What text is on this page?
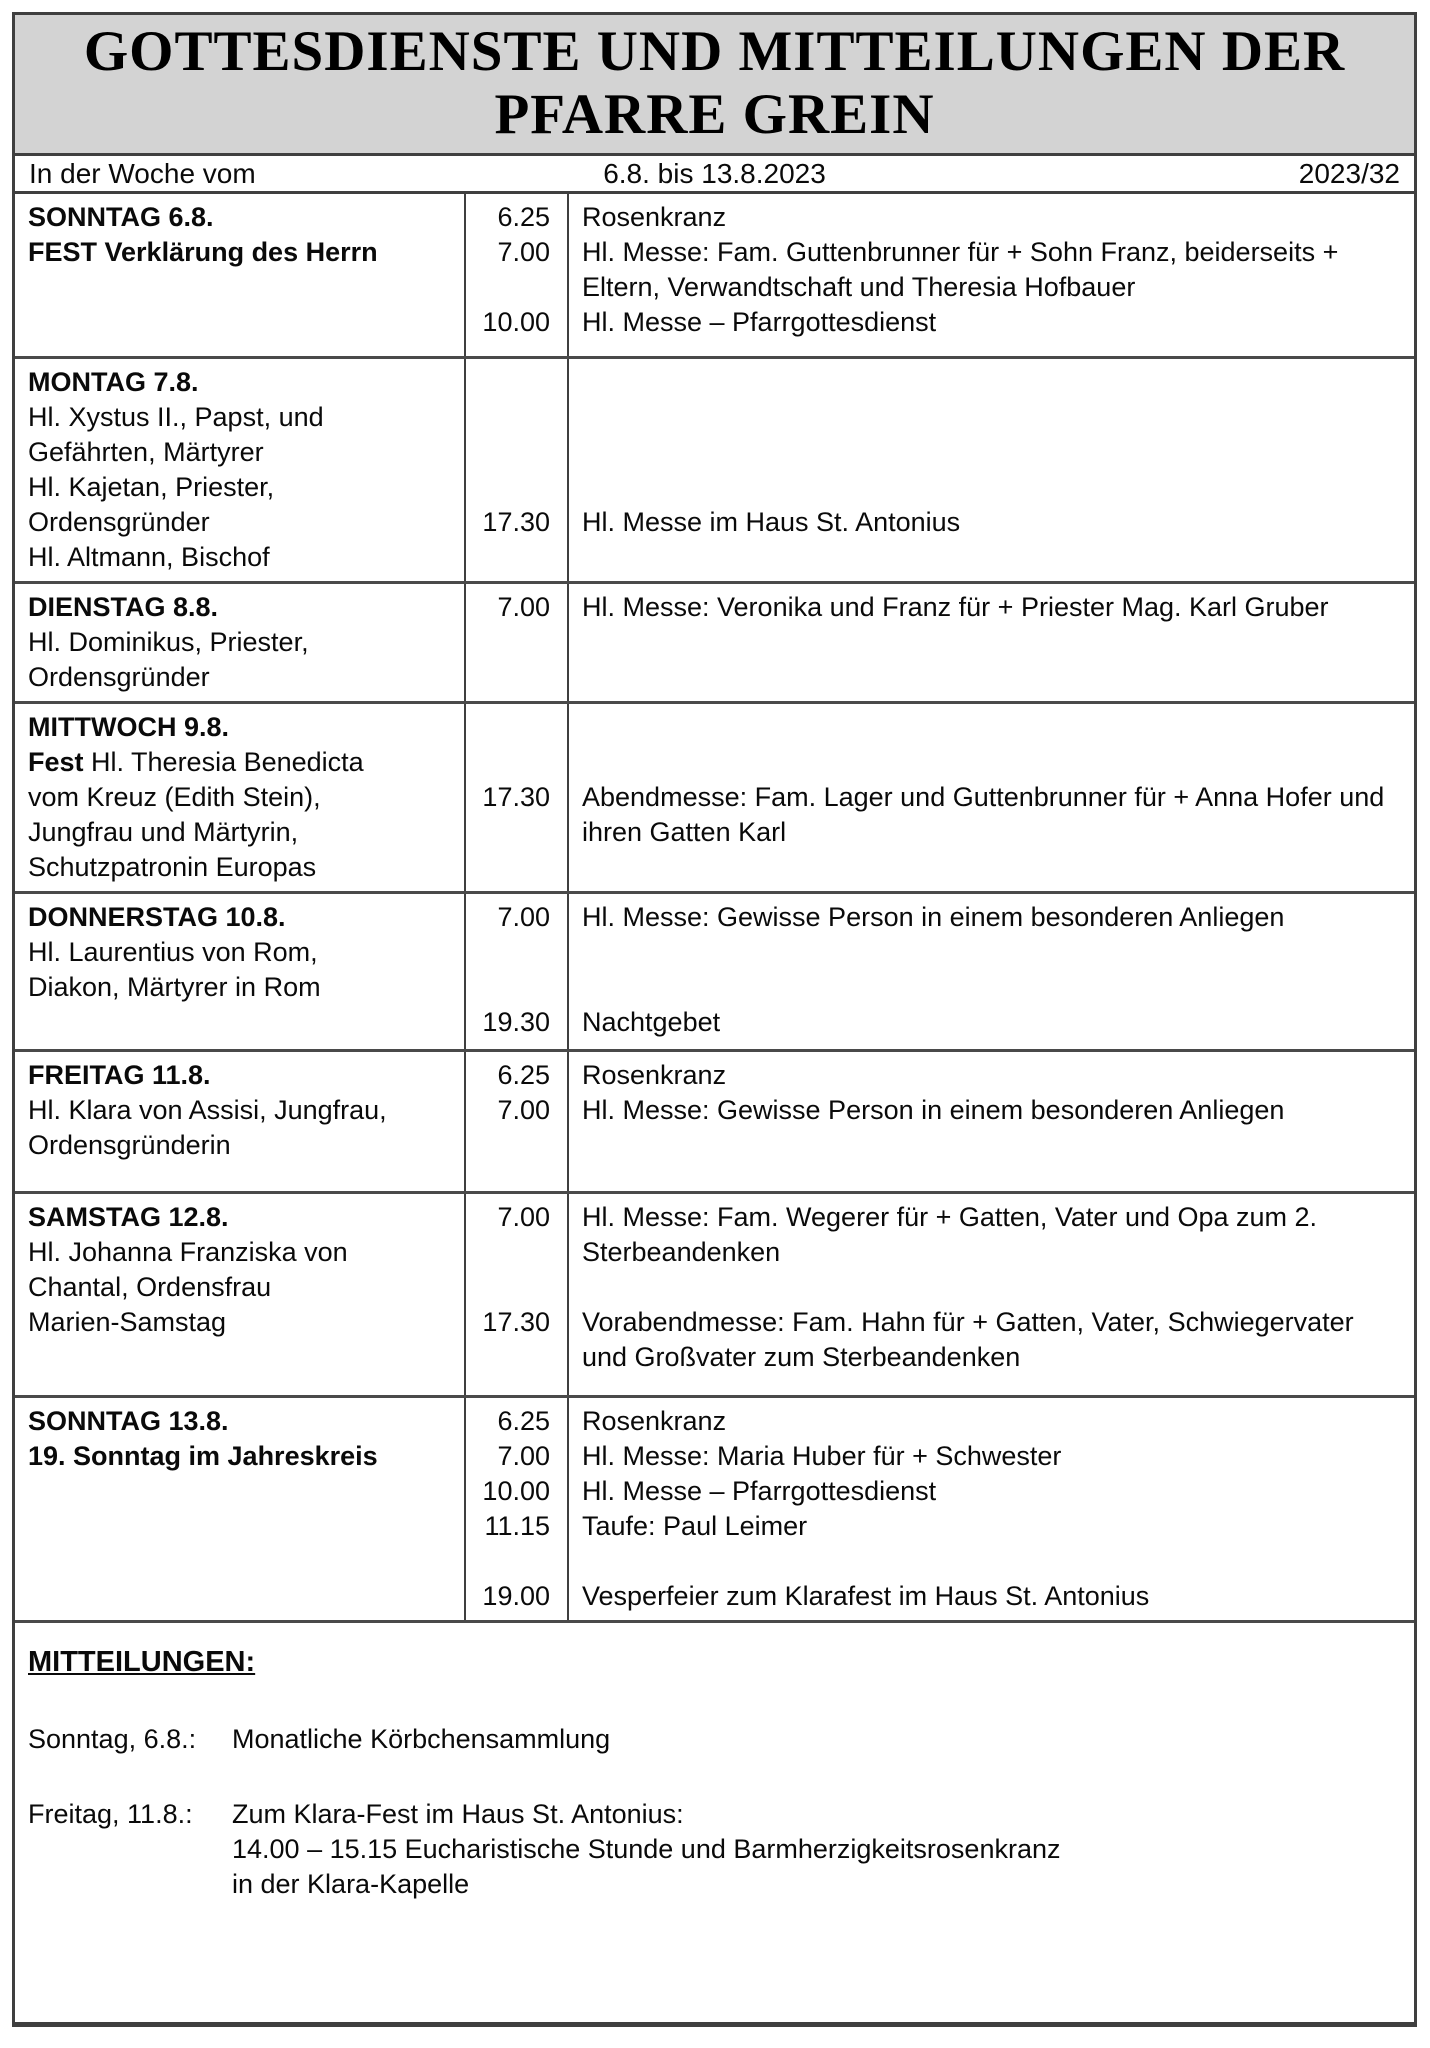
GOTTESDIENSTE UND MITTEILUNGEN DER
PFARRE GREIN
In der Woche vom	6.8. bis 13.8.2023	2023/32
SONNTAG 6.8.
FEST Verklärung des Herrn
6.25	Rosenkranz
7.00	Hl. Messe: Fam. Guttenbrunner für + Sohn Franz, beiderseits + Eltern, Verwandtschaft und Theresia Hofbauer
10.00	Hl. Messe – Pfarrgottesdienst
MONTAG 7.8.
Hl. Xystus II., Papst, und
Gefährten, Märtyrer
Hl. Kajetan, Priester,
Ordensgründer
Hl. Altmann, Bischof
17.30	Hl. Messe im Haus St. Antonius
DIENSTAG 8.8.
Hl. Dominikus, Priester,
Ordensgründer
7.00	Hl. Messe: Veronika und Franz für + Priester Mag. Karl Gruber
MITTWOCH 9.8.
Fest Hl. Theresia Benedicta
vom Kreuz (Edith Stein),
Jungfrau und Märtyrin,
Schutzpatronin Europas
17.30	Abendmesse: Fam. Lager und Guttenbrunner für + Anna Hofer und ihren Gatten Karl
DONNERSTAG 10.8.
Hl. Laurentius von Rom,
Diakon, Märtyrer in Rom
7.00	Hl. Messe: Gewisse Person in einem besonderen Anliegen
19.30	Nachtgebet
FREITAG 11.8.
Hl. Klara von Assisi, Jungfrau,
Ordensgründerin
6.25	Rosenkranz
7.00	Hl. Messe: Gewisse Person in einem besonderen Anliegen
SAMSTAG 12.8.
Hl. Johanna Franziska von
Chantal, Ordensfrau
Marien-Samstag
7.00	Hl. Messe: Fam. Wegerer für + Gatten, Vater und Opa zum 2. Sterbeandenken
17.30	Vorabendmesse: Fam. Hahn für + Gatten, Vater, Schwiegervater und Großvater zum Sterbeandenken
SONNTAG 13.8.
19. Sonntag im Jahreskreis
6.25	Rosenkranz
7.00	Hl. Messe: Maria Huber für + Schwester
10.00	Hl. Messe – Pfarrgottesdienst
11.15	Taufe: Paul Leimer
19.00	Vesperfeier zum Klarafest im Haus St. Antonius
MITTEILUNGEN:
Sonntag, 6.8.:	Monatliche Körbchensammlung
Freitag, 11.8.:	Zum Klara-Fest im Haus St. Antonius:
14.00 – 15.15 Eucharistische Stunde und Barmherzigkeitsrosenkranz
in der Klara-Kapelle
